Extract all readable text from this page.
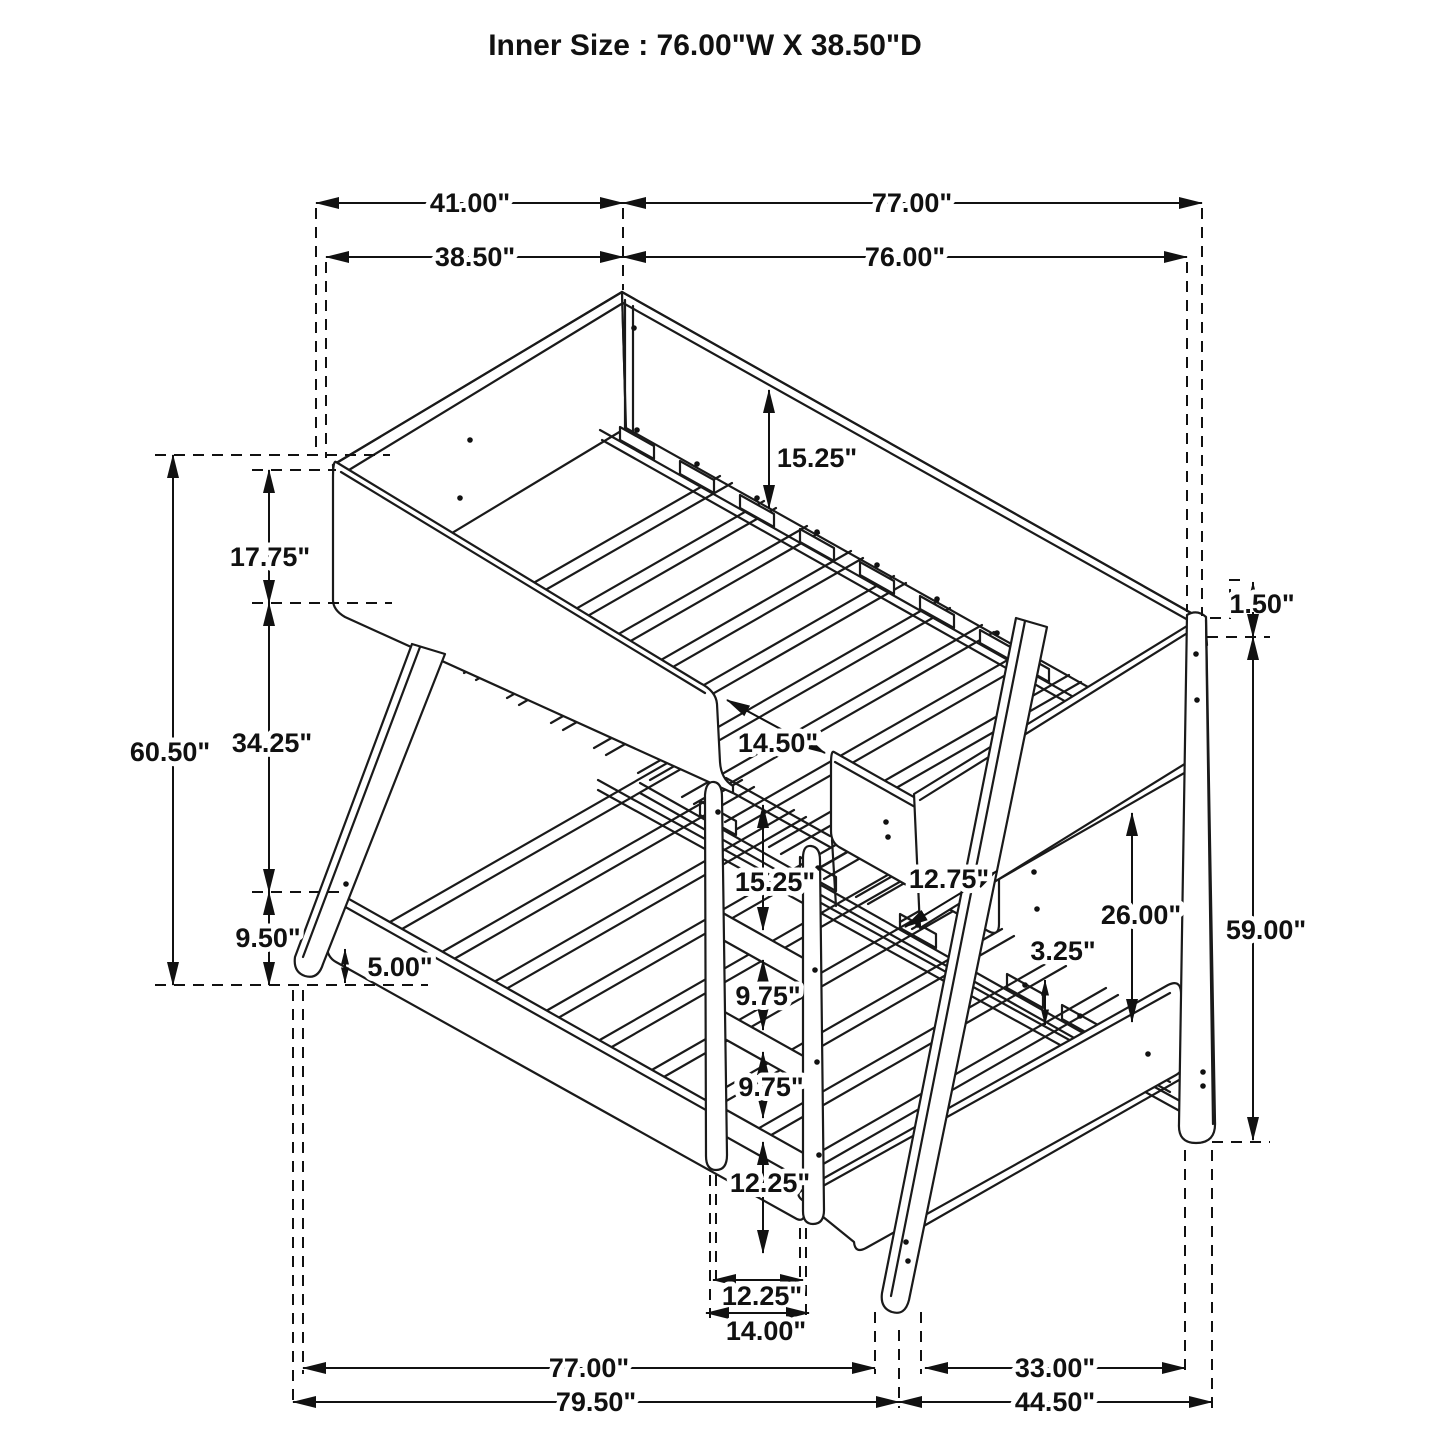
Inner Size : 76.00"W X 38.50"D
41.00"	77.00"
38.50"	76.00"
60.50"
17.75"
34.25"
9.50"
5.00"
1.50"
59.00"
26.00"
3.25"
12.75"
15.25"
14.50"
15.25"
9.75"
9.75"
12.25"
12.25"
14.00"
77.00"	33.00"
79.50"	44.50"
